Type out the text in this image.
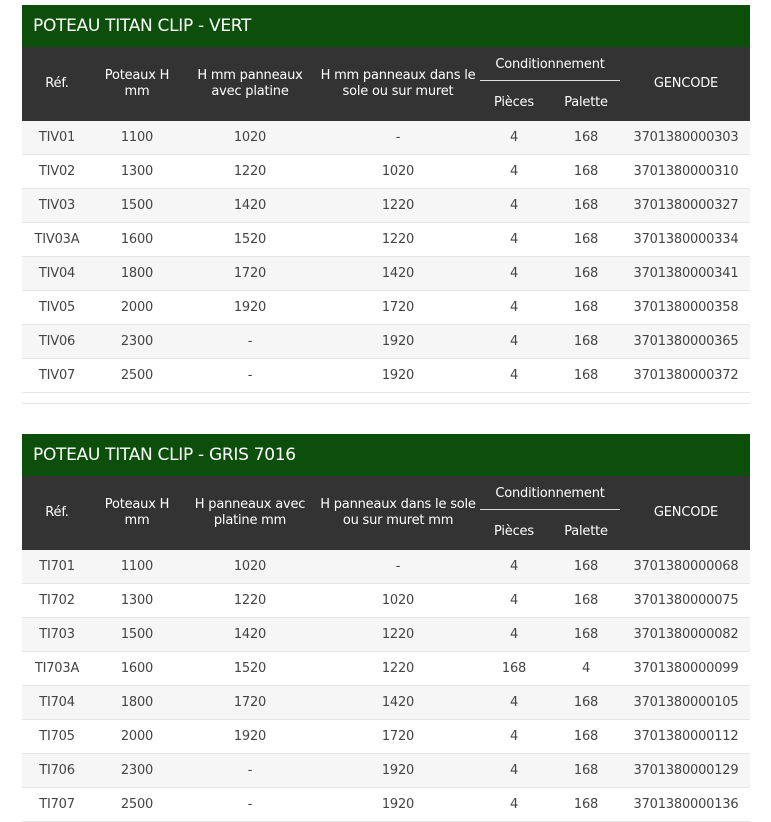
POTEAU TITAN CLIP - VERT
Réf.	Poteaux H mm	H mm panneaux avec platine	H mm panneaux dans le sole ou sur muret	Conditionnement		GENCODE
				Pièces	Palette	
TIV01	1100	1020	-	4	168	3701380000303
TIV02	1300	1220	1020	4	168	3701380000310
TIV03	1500	1420	1220	4	168	3701380000327
TIV03A	1600	1520	1220	4	168	3701380000334
TIV04	1800	1720	1420	4	168	3701380000341
TIV05	2000	1920	1720	4	168	3701380000358
TIV06	2300	-	1920	4	168	3701380000365
TIV07	2500	-	1920	4	168	3701380000372
POTEAU TITAN CLIP - GRIS 7016
Réf.	Poteaux H mm	H panneaux avec platine mm	H panneaux dans le sole ou sur muret mm	Conditionnement		GENCODE
				Pièces	Palette	
TI701	1100	1020	-	4	168	3701380000068
TI702	1300	1220	1020	4	168	3701380000075
TI703	1500	1420	1220	4	168	3701380000082
TI703A	1600	1520	1220	168	4	3701380000099
TI704	1800	1720	1420	4	168	3701380000105
TI705	2000	1920	1720	4	168	3701380000112
TI706	2300	-	1920	4	168	3701380000129
TI707	2500	-	1920	4	168	3701380000136
